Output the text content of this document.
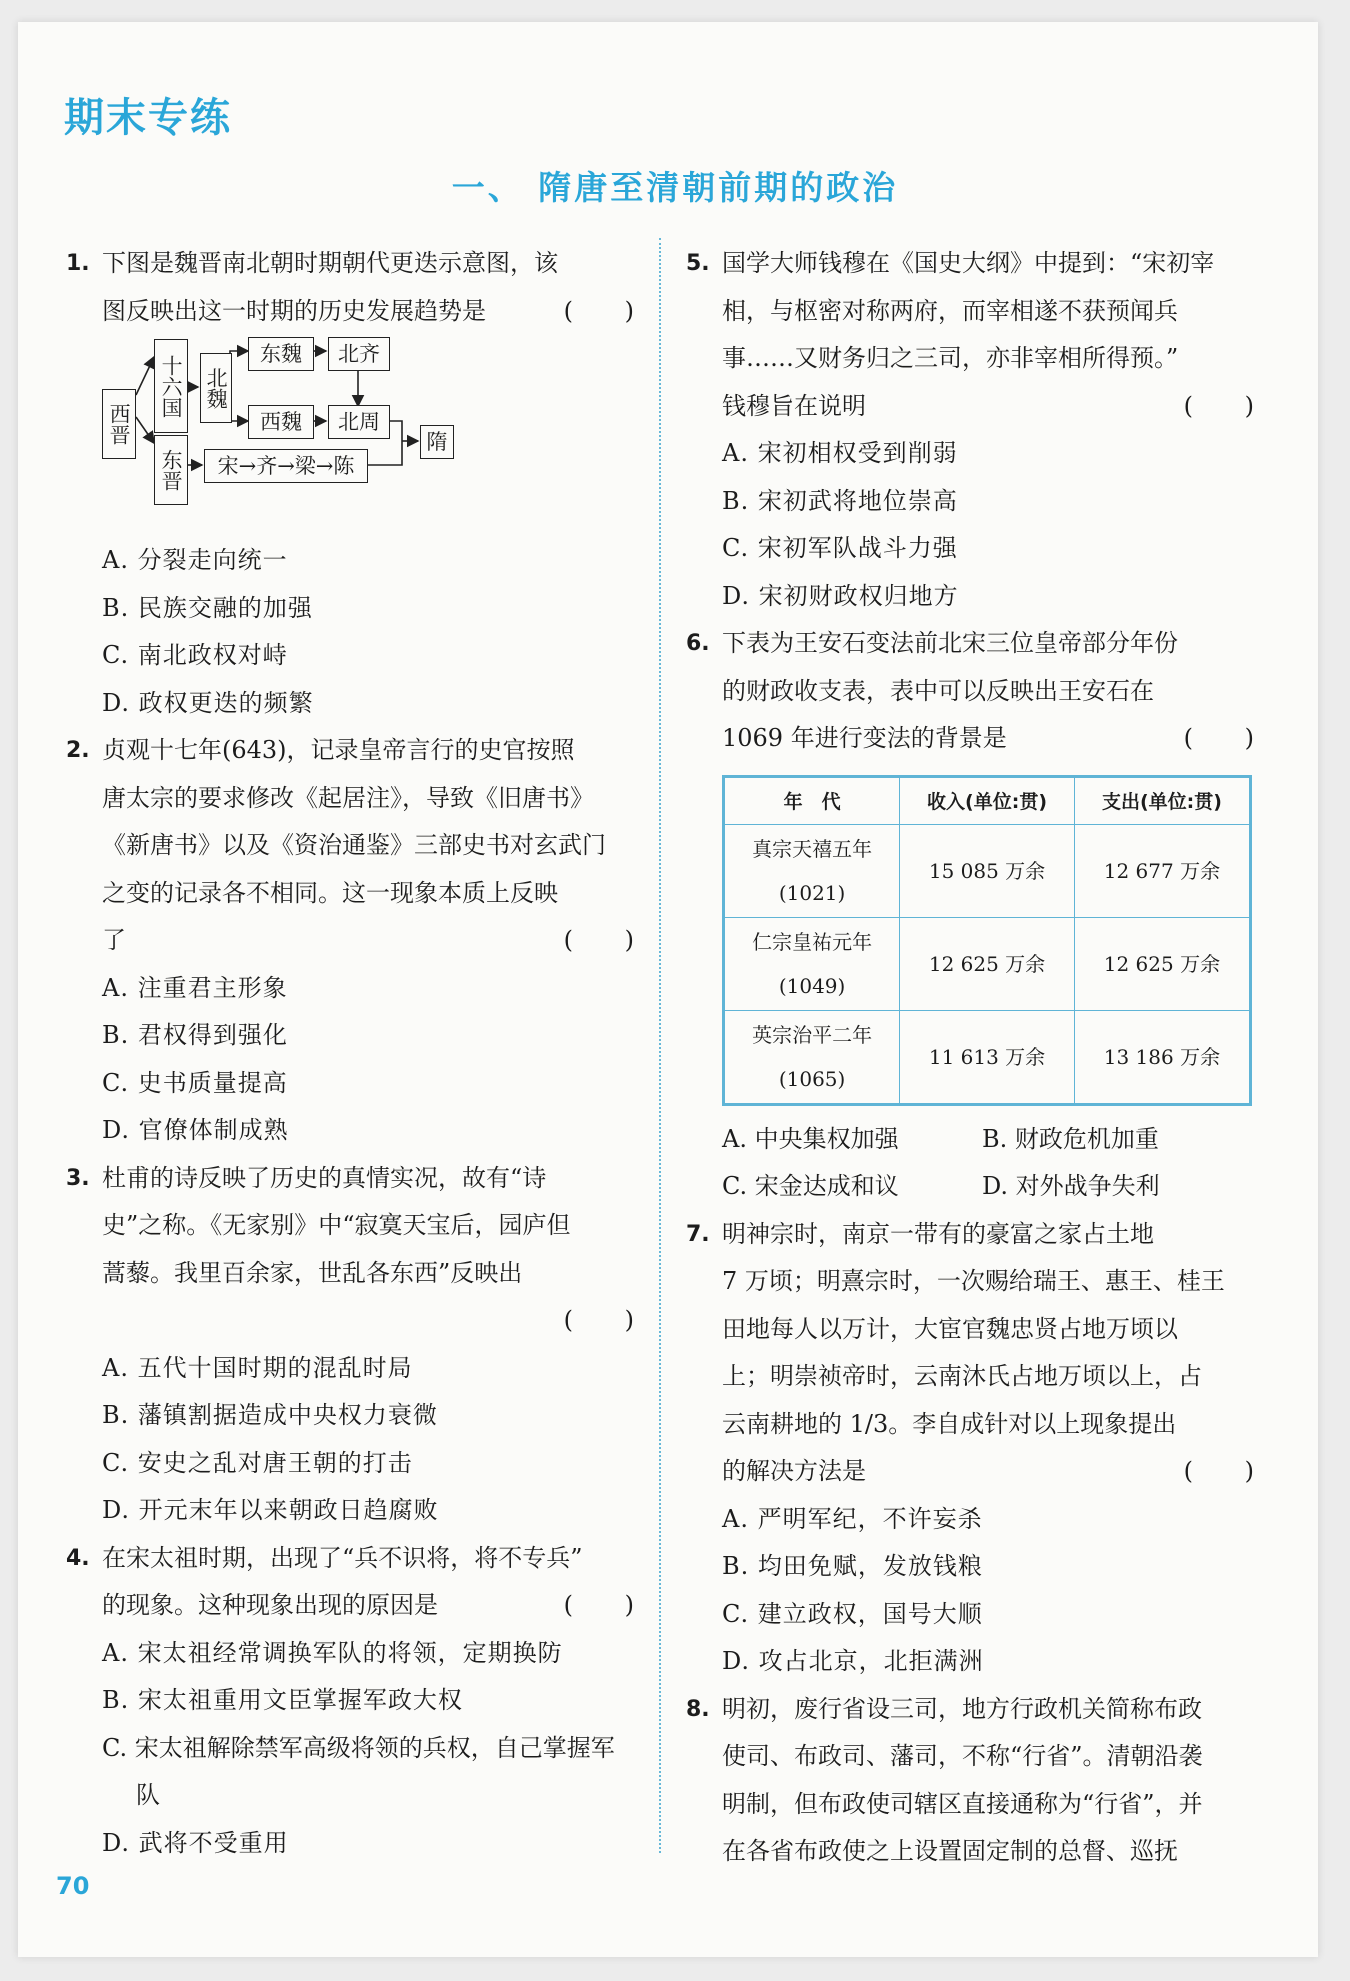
期末专练
一、 隋唐至清朝前期的政治
1. 下图是魏晋南北朝时期朝代更迭示意图，该
图反映出这一时期的历史发展趋势是	( )
西晋
十六国 北魏
东魏	北齐
西魏	北周
东晋	宋→齐→梁→陈
隋
A. 分裂走向统一
B. 民族交融的加强
C. 南北政权对峙
D. 政权更迭的频繁
2. 贞观十七年(643)，记录皇帝言行的史官按照
唐太宗的要求修改《起居注》，导致《旧唐书》
《新唐书》以及《资治通鉴》三部史书对玄武门
之变的记录各不相同。这一现象本质上反映
了	( )
A. 注重君主形象
B. 君权得到强化
C. 史书质量提高
D. 官僚体制成熟
3. 杜甫的诗反映了历史的真情实况，故有“诗
史”之称。《无家别》中“寂寞天宝后，园庐但
蒿藜。我里百余家，世乱各东西”反映出
( )

A. 五代十国时期的混乱时局
B. 藩镇割据造成中央权力衰微
C. 安史之乱对唐王朝的打击
D. 开元末年以来朝政日趋腐败
4. 在宋太祖时期，出现了“兵不识将，将不专兵”
的现象。这种现象出现的原因是	( )
A. 宋太祖经常调换军队的将领，定期换防
B. 宋太祖重用文臣掌握军政大权
C. 宋太祖解除禁军高级将领的兵权，自己掌握军队
D. 武将不受重用
5. 国学大师钱穆在《国史大纲》中提到：“宋初宰
相，与枢密对称两府，而宰相遂不获预闻兵
事……又财务归之三司，亦非宰相所得预。”
钱穆旨在说明	( )
A. 宋初相权受到削弱
B. 宋初武将地位崇高
C. 宋初军队战斗力强
D. 宋初财政权归地方
6. 下表为王安石变法前北宋三位皇帝部分年份
的财政收支表，表中可以反映出王安石在
1069 年进行变法的背景是	( )
年　代	收入(单位:贯)	支出(单位:贯)

真宗天禧五年
(1021)	15 085 万余	12 677 万余

仁宗皇祐元年
(1049)	12 625 万余	12 625 万余

英宗治平二年
(1065)	11 613 万余	13 186 万余
A. 中央集权加强	B. 财政危机加重
C. 宋金达成和议	D. 对外战争失利
7. 明神宗时，南京一带有的豪富之家占土地
7 万顷；明熹宗时，一次赐给瑞王、惠王、桂王
田地每人以万计，大宦官魏忠贤占地万顷以
上；明崇祯帝时，云南沐氏占地万顷以上，占
云南耕地的 1/3。李自成针对以上现象提出
的解决方法是	( )
A. 严明军纪，不许妄杀
B. 均田免赋，发放钱粮
C. 建立政权，国号大顺
D. 攻占北京，北拒满洲
8. 明初，废行省设三司，地方行政机关简称布政
使司、布政司、藩司，不称“行省”。清朝沿袭
明制，但布政使司辖区直接通称为“行省”，并
在各省布政使之上设置固定制的总督、巡抚
70
